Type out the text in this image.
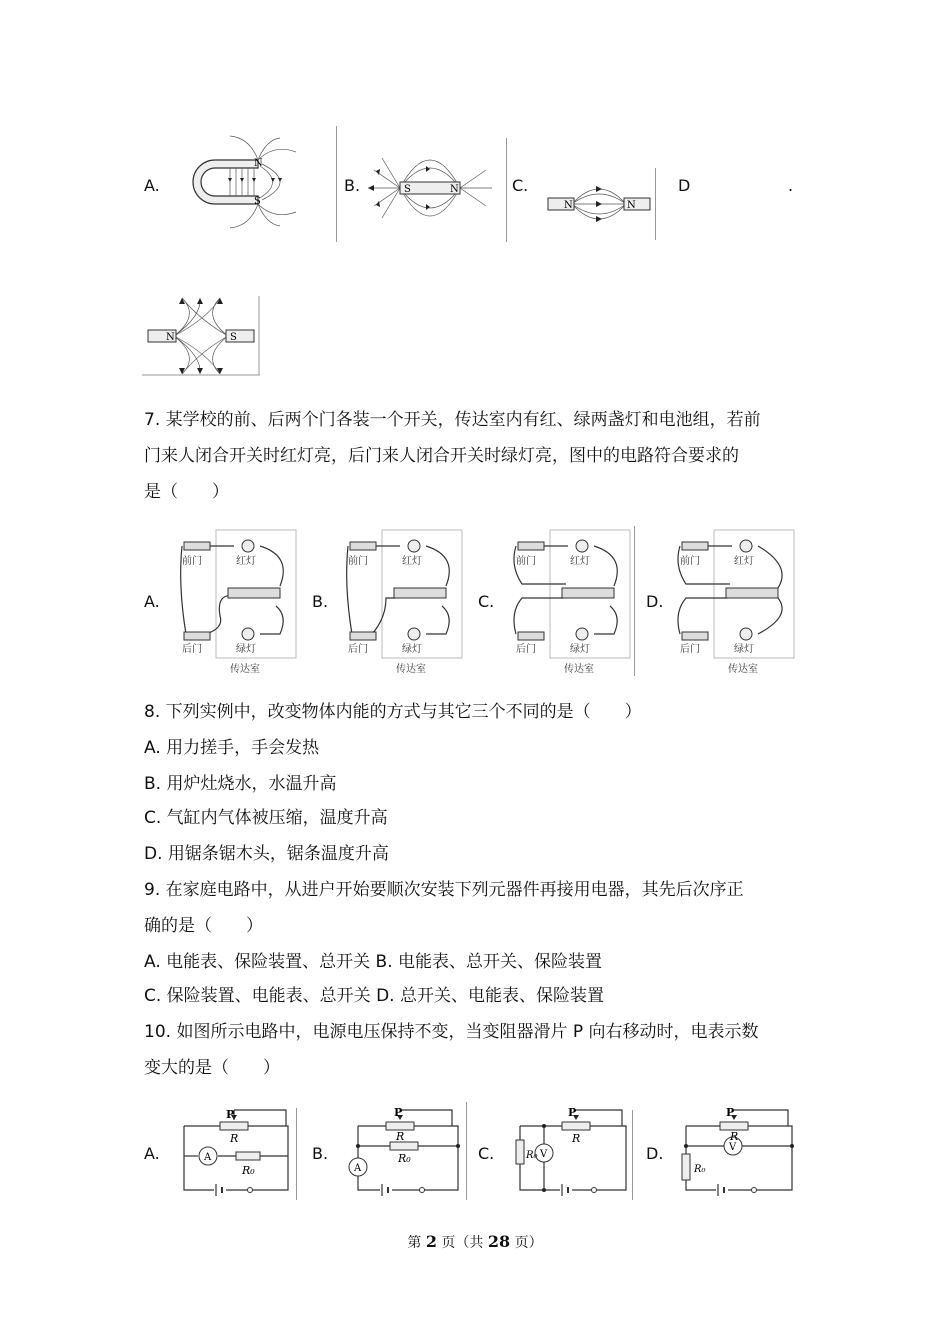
A.	B.	C.	D	.
N
S
S	N
N	N
N	S
7. 某学校的前、后两个门各装一个开关，传达室内有红、绿两盏灯和电池组，若前
门来人闭合开关时红灯亮，后门来人闭合开关时绿灯亮，图中的电路符合要求的
是（　　）
A.	B.	C.	D.
前门	红灯
后门	绿灯
传达室
前门	红灯
后门	绿灯
传达室
前门	红灯
后门	绿灯
传达室
前门	红灯
后门	绿灯
传达室
8. 下列实例中，改变物体内能的方式与其它三个不同的是（　　）
A. 用力搓手，手会发热
B. 用炉灶烧水，水温升高
C. 气缸内气体被压缩，温度升高
D. 用锯条锯木头，锯条温度升高
9. 在家庭电路中，从进户开始要顺次安装下列元器件再接用电器，其先后次序正
确的是（　　）
A. 电能表、保险装置、总开关 B. 电能表、总开关、保险装置
C. 保险装置、电能表、总开关 D. 总开关、电能表、保险装置
10. 如图所示电路中，电源电压保持不变，当变阻器滑片 P 向右移动时，电表示数
变大的是（　　）
A.	B.	C.	D.
P
R
A
R₀
P
R
R₀
A
P
R
R₀ V
P
R
V
R₀
第 2 页（共 28 页）
